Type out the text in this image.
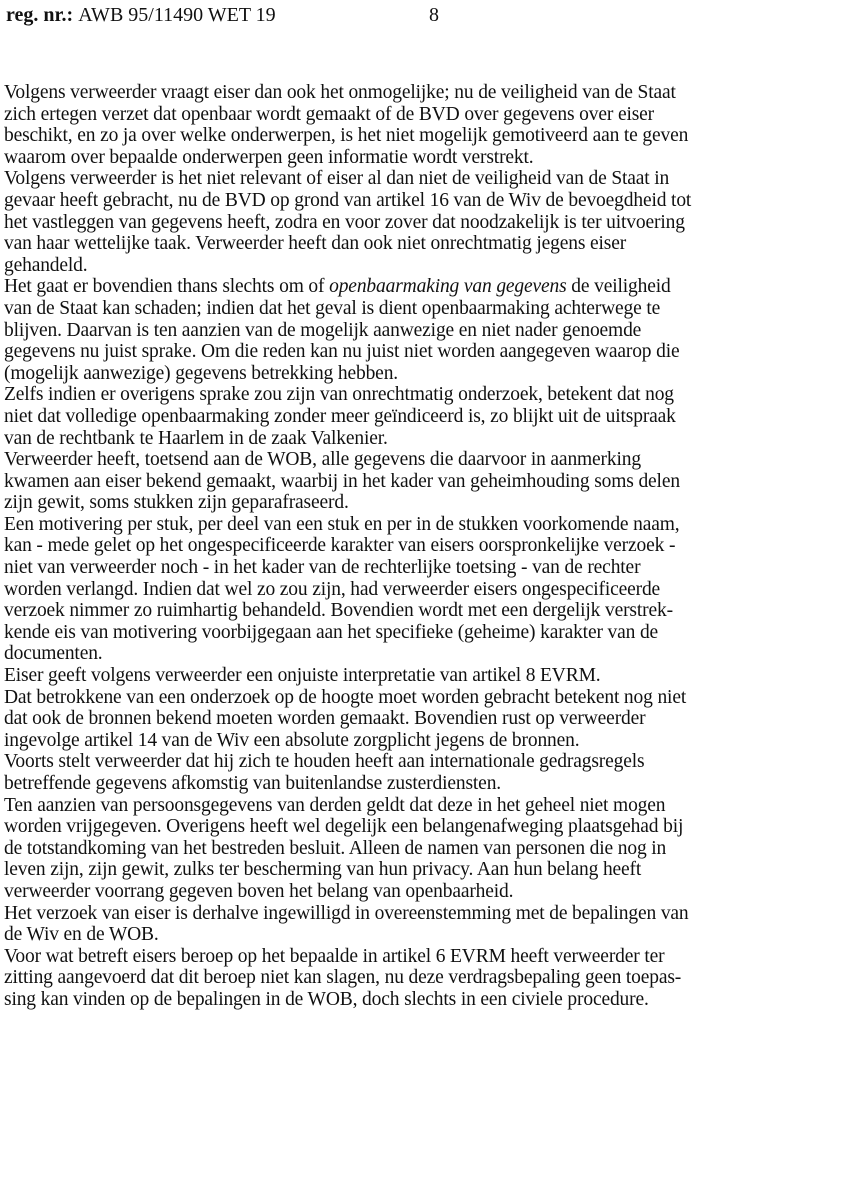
reg. nr.: AWB 95/11490 WET 19	8
Volgens verweerder vraagt eiser dan ook het onmogelijke; nu de veiligheid van de Staat
zich ertegen verzet dat openbaar wordt gemaakt of de BVD over gegevens over eiser
beschikt, en zo ja over welke onderwerpen, is het niet mogelijk gemotiveerd aan te geven
waarom over bepaalde onderwerpen geen informatie wordt verstrekt.
Volgens verweerder is het niet relevant of eiser al dan niet de veiligheid van de Staat in
gevaar heeft gebracht, nu de BVD op grond van artikel 16 van de Wiv de bevoegdheid tot
het vastleggen van gegevens heeft, zodra en voor zover dat noodzakelijk is ter uitvoering
van haar wettelijke taak. Verweerder heeft dan ook niet onrechtmatig jegens eiser
gehandeld.
Het gaat er bovendien thans slechts om of openbaarmaking van gegevens de veiligheid
van de Staat kan schaden; indien dat het geval is dient openbaarmaking achterwege te
blijven. Daarvan is ten aanzien van de mogelijk aanwezige en niet nader genoemde
gegevens nu juist sprake. Om die reden kan nu juist niet worden aangegeven waarop die
(mogelijk aanwezige) gegevens betrekking hebben.
Zelfs indien er overigens sprake zou zijn van onrechtmatig onderzoek, betekent dat nog
niet dat volledige openbaarmaking zonder meer geïndiceerd is, zo blijkt uit de uitspraak
van de rechtbank te Haarlem in de zaak Valkenier.
Verweerder heeft, toetsend aan de WOB, alle gegevens die daarvoor in aanmerking
kwamen aan eiser bekend gemaakt, waarbij in het kader van geheimhouding soms delen
zijn gewit, soms stukken zijn geparafraseerd.
Een motivering per stuk, per deel van een stuk en per in de stukken voorkomende naam,
kan - mede gelet op het ongespecificeerde karakter van eisers oorspronkelijke verzoek -
niet van verweerder noch - in het kader van de rechterlijke toetsing - van de rechter
worden verlangd. Indien dat wel zo zou zijn, had verweerder eisers ongespecificeerde
verzoek nimmer zo ruimhartig behandeld. Bovendien wordt met een dergelijk verstrek-
kende eis van motivering voorbijgegaan aan het specifieke (geheime) karakter van de
documenten.
Eiser geeft volgens verweerder een onjuiste interpretatie van artikel 8 EVRM.
Dat betrokkene van een onderzoek op de hoogte moet worden gebracht betekent nog niet
dat ook de bronnen bekend moeten worden gemaakt. Bovendien rust op verweerder
ingevolge artikel 14 van de Wiv een absolute zorgplicht jegens de bronnen.
Voorts stelt verweerder dat hij zich te houden heeft aan internationale gedragsregels
betreffende gegevens afkomstig van buitenlandse zusterdiensten.
Ten aanzien van persoonsgegevens van derden geldt dat deze in het geheel niet mogen
worden vrijgegeven. Overigens heeft wel degelijk een belangenafweging plaatsgehad bij
de totstandkoming van het bestreden besluit. Alleen de namen van personen die nog in
leven zijn, zijn gewit, zulks ter bescherming van hun privacy. Aan hun belang heeft
verweerder voorrang gegeven boven het belang van openbaarheid.
Het verzoek van eiser is derhalve ingewilligd in overeenstemming met de bepalingen van
de Wiv en de WOB.
Voor wat betreft eisers beroep op het bepaalde in artikel 6 EVRM heeft verweerder ter
zitting aangevoerd dat dit beroep niet kan slagen, nu deze verdragsbepaling geen toepas-
sing kan vinden op de bepalingen in de WOB, doch slechts in een civiele procedure.
